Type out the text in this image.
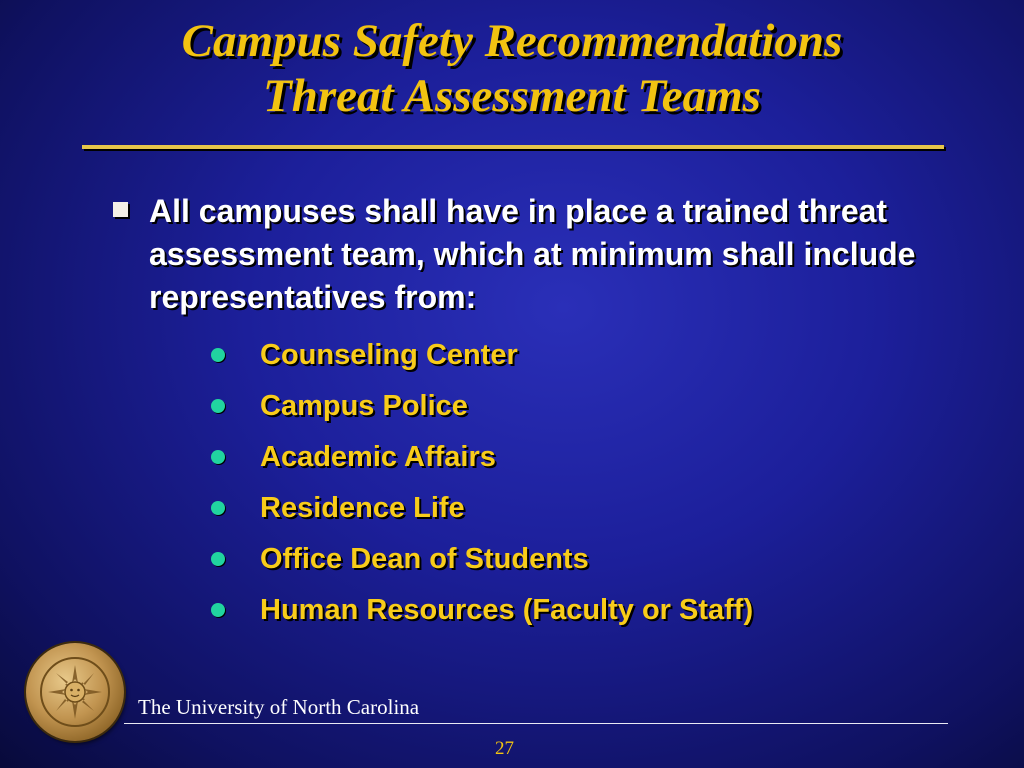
Campus Safety Recommendations
Threat Assessment Teams
All campuses shall have in place a trained threat assessment team, which at minimum shall include representatives from:
Counseling Center
Campus Police
Academic Affairs
Residence Life
Office Dean of Students
Human Resources (Faculty or Staff)
The University of North Carolina
27
